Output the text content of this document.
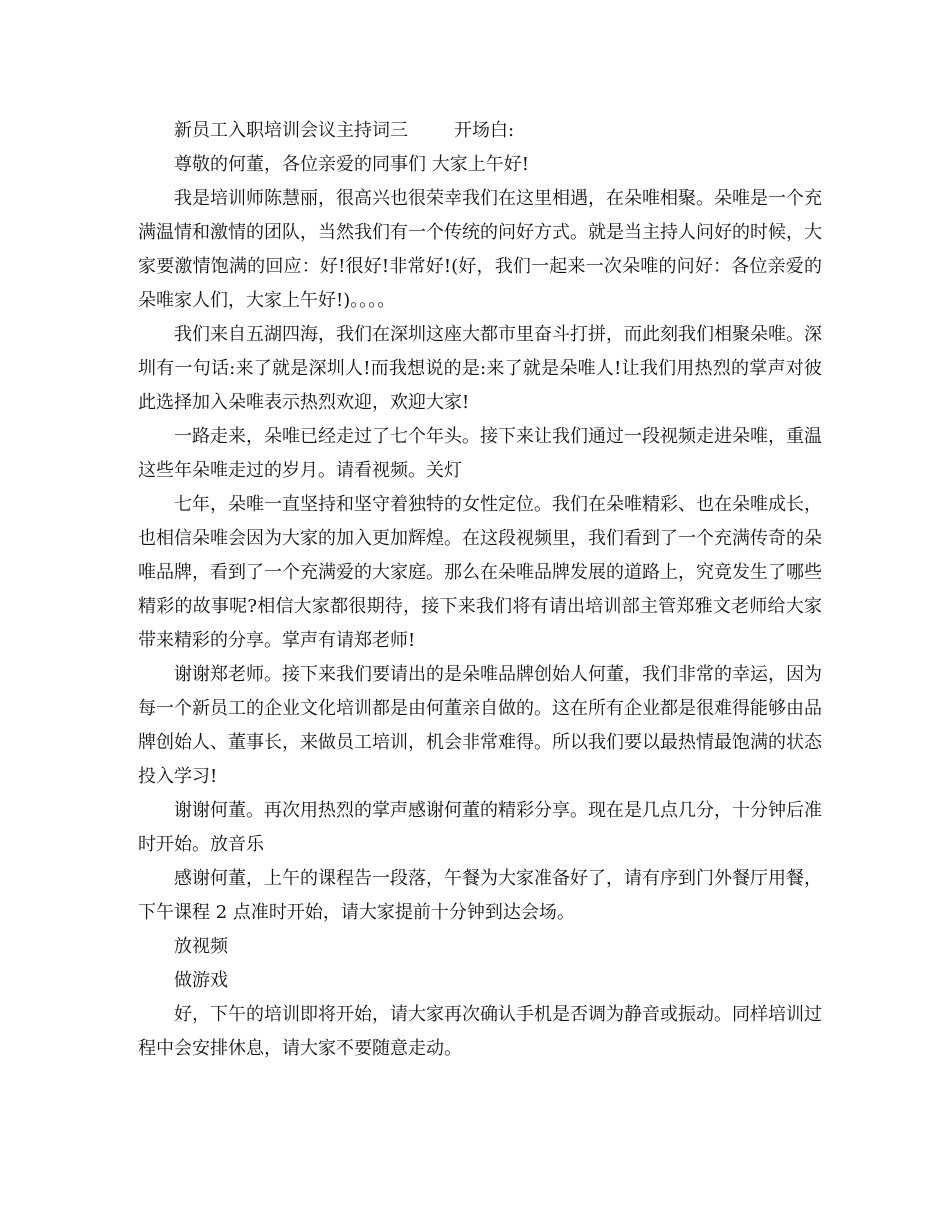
新员工入职培训会议主持词三	开场白:

尊敬的何董，各位亲爱的同事们 大家上午好!

我是培训师陈慧丽，很高兴也很荣幸我们在这里相遇，在朵唯相聚。朵唯是一个充满温情和激情的团队，当然我们有一个传统的问好方式。就是当主持人问好的时候，大家要激情饱满的回应：好!很好!非常好!(好，我们一起来一次朵唯的问好：各位亲爱的朵唯家人们，大家上午好!)。。。。

我们来自五湖四海，我们在深圳这座大都市里奋斗打拼，而此刻我们相聚朵唯。深圳有一句话:来了就是深圳人!而我想说的是:来了就是朵唯人!让我们用热烈的掌声对彼此选择加入朵唯表示热烈欢迎，欢迎大家!

一路走来，朵唯已经走过了七个年头。接下来让我们通过一段视频走进朵唯，重温这些年朵唯走过的岁月。请看视频。关灯

七年，朵唯一直坚持和坚守着独特的女性定位。我们在朵唯精彩、也在朵唯成长，也相信朵唯会因为大家的加入更加辉煌。在这段视频里，我们看到了一个充满传奇的朵唯品牌，看到了一个充满爱的大家庭。那么在朵唯品牌发展的道路上，究竟发生了哪些精彩的故事呢?相信大家都很期待，接下来我们将有请出培训部主管郑雅文老师给大家带来精彩的分享。掌声有请郑老师!

谢谢郑老师。接下来我们要请出的是朵唯品牌创始人何董，我们非常的幸运，因为每一个新员工的企业文化培训都是由何董亲自做的。这在所有企业都是很难得能够由品牌创始人、董事长，来做员工培训，机会非常难得。所以我们要以最热情最饱满的状态投入学习!

谢谢何董。再次用热烈的掌声感谢何董的精彩分享。现在是几点几分，十分钟后准时开始。放音乐

感谢何董，上午的课程告一段落，午餐为大家准备好了，请有序到门外餐厅用餐，下午课程 2 点准时开始，请大家提前十分钟到达会场。

放视频

做游戏

好，下午的培训即将开始，请大家再次确认手机是否调为静音或振动。同样培训过程中会安排休息，请大家不要随意走动。
